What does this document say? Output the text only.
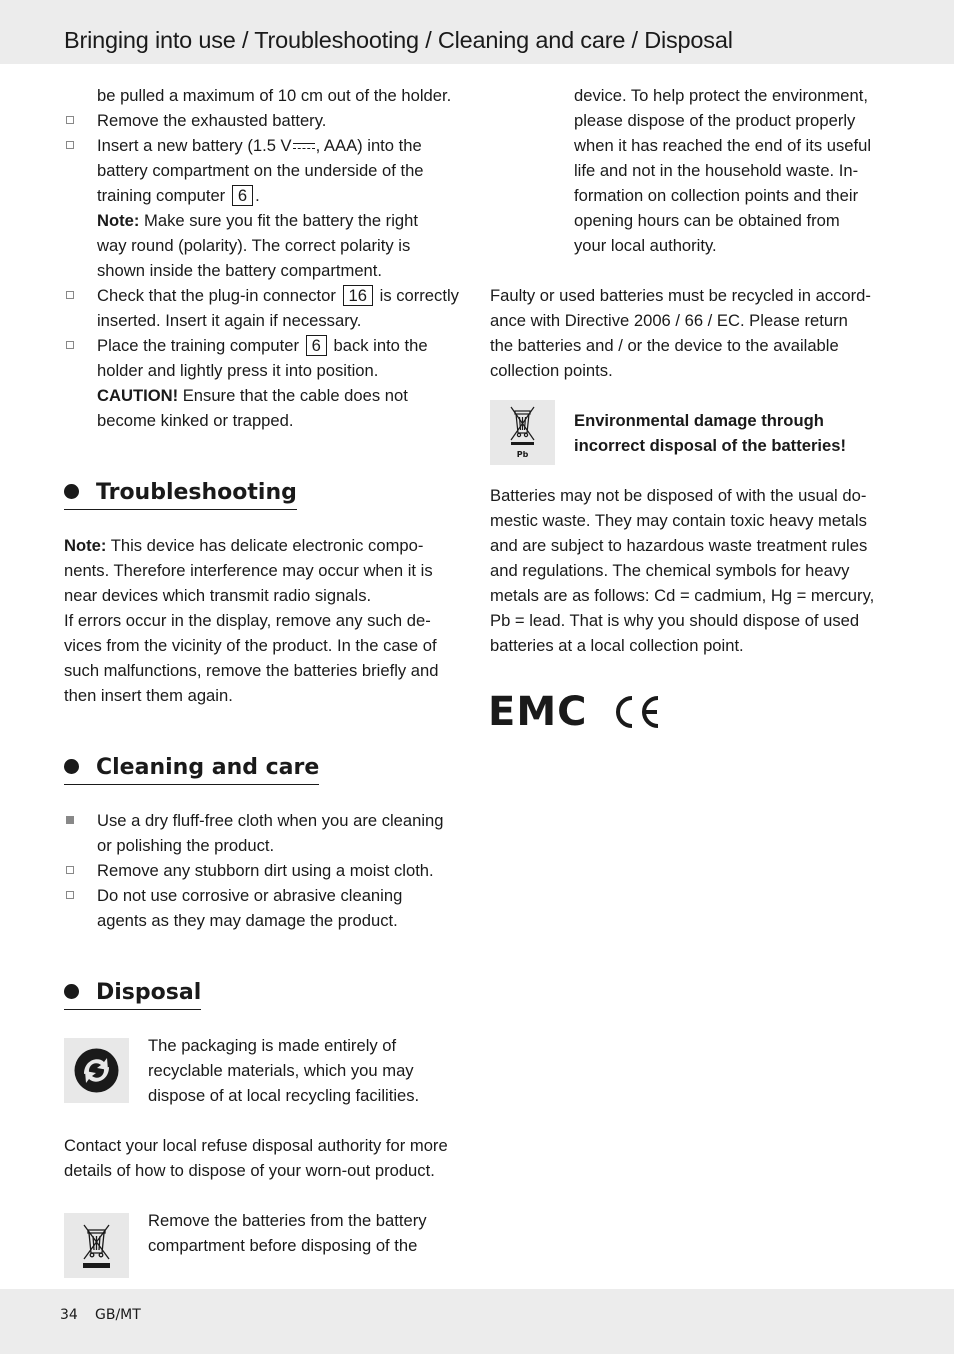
Bringing into use / Troubleshooting / Cleaning and care / Disposal
be pulled a maximum of 10 cm out of the holder.
Remove the exhausted battery.
Insert a new battery (1.5 V , AAA) into the
battery compartment on the underside of the
training computer 6 .
Note: Make sure you fit the battery the right
way round (polarity). The correct polarity is
shown inside the battery compartment.
Check that the plug-in connector 16 is correctly
inserted. Insert it again if necessary.
Place the training computer 6 back into the
holder and lightly press it into position.
CAUTION! Ensure that the cable does not
become kinked or trapped.
Troubleshooting
Note: This device has delicate electronic compo-
nents. Therefore interference may occur when it is
near devices which transmit radio signals.
If errors occur in the display, remove any such de-
vices from the vicinity of the product. In the case of
such malfunctions, remove the batteries briefly and
then insert them again.
Cleaning and care
Use a dry fluff-free cloth when you are cleaning
or polishing the product.
Remove any stubborn dirt using a moist cloth.
Do not use corrosive or abrasive cleaning
agents as they may damage the product.
Disposal
The packaging is made entirely of
recyclable materials, which you may
dispose of at local recycling facilities.
Contact your local refuse disposal authority for more
details of how to dispose of your worn-out product.
Remove the batteries from the battery
compartment before disposing of the
device. To help protect the environment,
please dispose of the product properly
when it has reached the end of its useful
life and not in the household waste. In-
formation on collection points and their
opening hours can be obtained from
your local authority.
Faulty or used batteries must be recycled in accord-
ance with Directive 2006 / 66 / EC. Please return
the batteries and / or the device to the available
collection points.
Pb
Environmental damage through
incorrect disposal of the batteries!
Batteries may not be disposed of with the usual do-
mestic waste. They may contain toxic heavy metals
and are subject to hazardous waste treatment rules
and regulations. The chemical symbols for heavy
metals are as follows: Cd = cadmium, Hg = mercury,
Pb = lead. That is why you should dispose of used
batteries at a local collection point.
EMC
34 GB/MT
